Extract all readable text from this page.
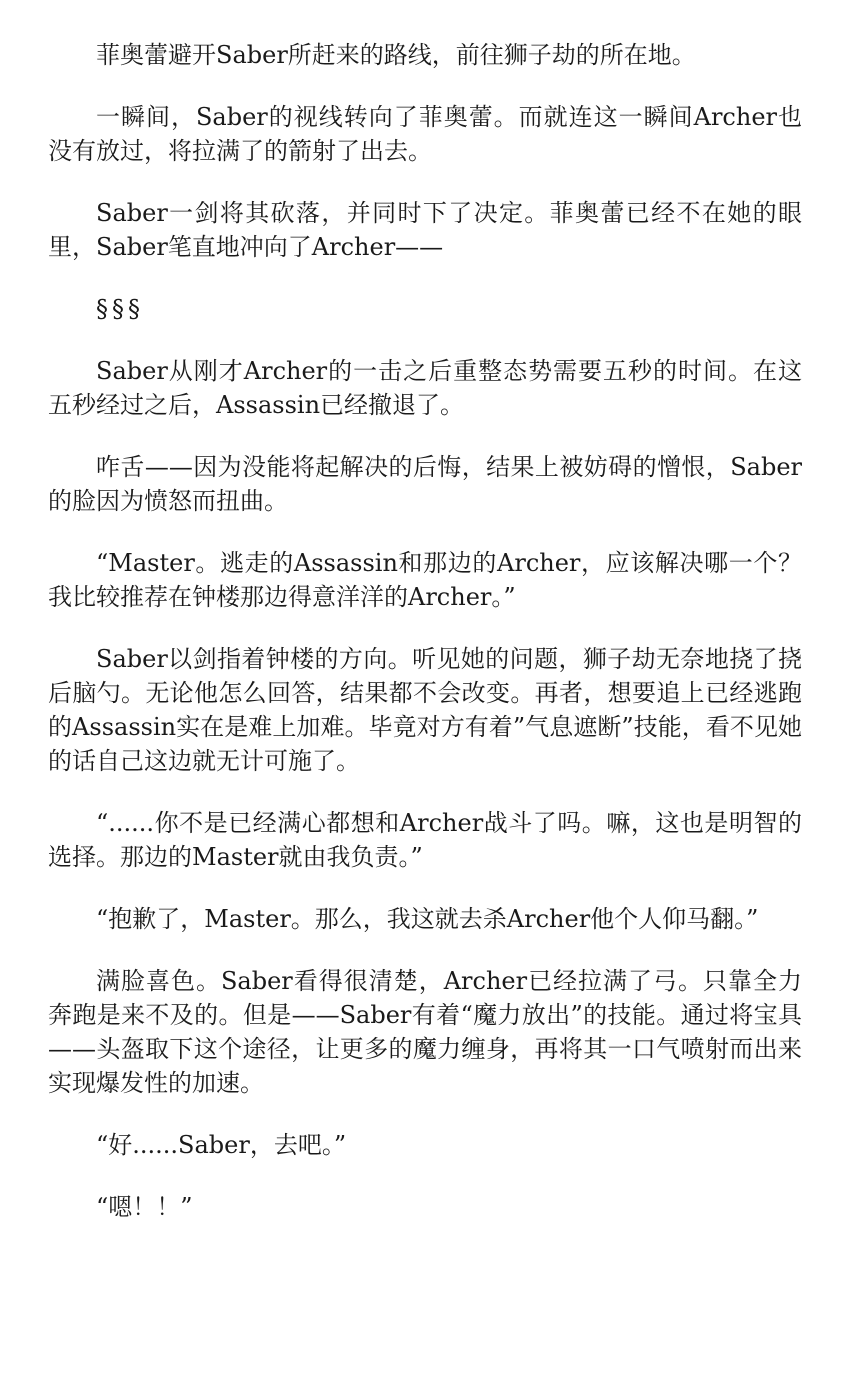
菲奥蕾避开Saber所赶来的路线，前往狮子劫的所在地。

一瞬间，Saber的视线转向了菲奥蕾。而就连这一瞬间Archer也没有放过，将拉满了的箭射了出去。

Saber一剑将其砍落，并同时下了决定。菲奥蕾已经不在她的眼里，Saber笔直地冲向了Archer——

§§§

Saber从刚才Archer的一击之后重整态势需要五秒的时间。在这五秒经过之后，Assassin已经撤退了。

咋舌——因为没能将起解决的后悔，结果上被妨碍的憎恨，Saber的脸因为愤怒而扭曲。

“Master。逃走的Assassin和那边的Archer，应该解决哪一个？我比较推荐在钟楼那边得意洋洋的Archer。”

Saber以剑指着钟楼的方向。听见她的问题，狮子劫无奈地挠了挠后脑勺。无论他怎么回答，结果都不会改变。再者，想要追上已经逃跑的Assassin实在是难上加难。毕竟对方有着”气息遮断”技能，看不见她的话自己这边就无计可施了。

“......你不是已经满心都想和Archer战斗了吗。嘛，这也是明智的选择。那边的Master就由我负责。”

“抱歉了，Master。那么，我这就去杀Archer他个人仰马翻。”

满脸喜色。Saber看得很清楚，Archer已经拉满了弓。只靠全力奔跑是来不及的。但是——Saber有着“魔力放出”的技能。通过将宝具——头盔取下这个途径，让更多的魔力缠身，再将其一口气喷射而出来实现爆发性的加速。

“好......Saber，去吧。”

“嗯！！”
